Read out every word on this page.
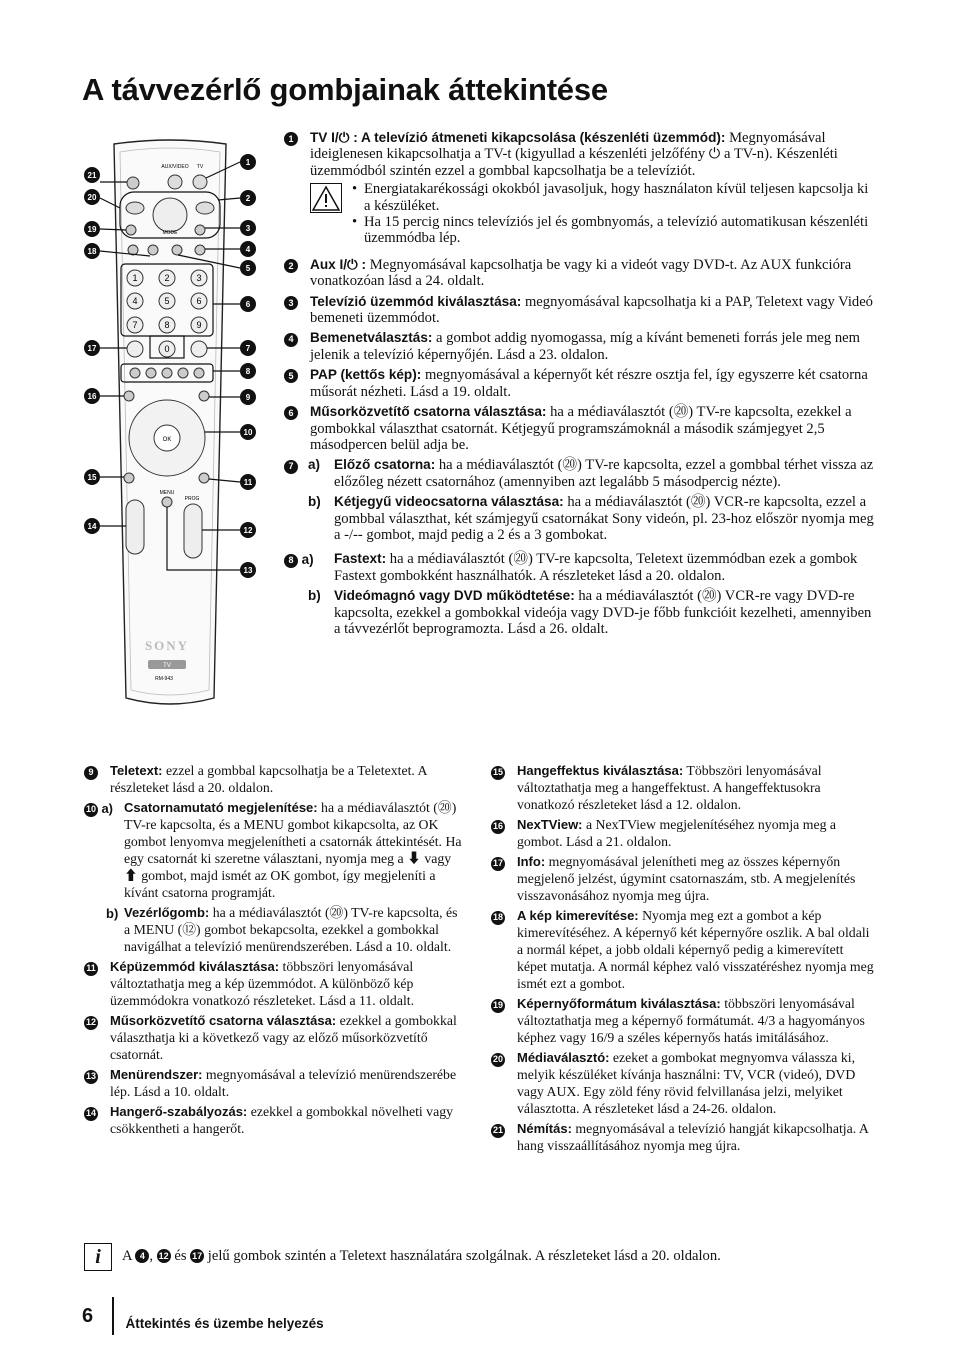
A távvezérlő gombjainak áttekintése
AUX/VIDEO TV
MODE
1	2	3
4	5	6
7	8	9
0
OK
MENU
PROG
21
20
19
18
17
16
15
14
1
2
3
4
5
6
7
8
9
10
11
12
13
SONY
TV
RM-943
1	TV I/⏻ : A televízió átmeneti kikapcsolása (készenléti üzemmód): Megnyomásával ideiglenesen kikapcsolhatja a TV-t (kigyullad a készenléti jelzőfény ⏻ a TV-n). Készenléti üzemmódból szintén ezzel a gombbal kapcsolhatja be a televíziót.
• Energiatakarékossági okokból javasoljuk, hogy használaton kívül teljesen kapcsolja ki a készüléket.
• Ha 15 percig nincs televíziós jel és gombnyomás, a televízió automatikusan készenléti üzemmódba lép.
2	Aux I/⏻ : Megnyomásával kapcsolhatja be vagy ki a videót vagy DVD-t. Az AUX funkcióra vonatkozóan lásd a 24. oldalt.
3	Televízió üzemmód kiválasztása: megnyomásával kapcsolhatja ki a PAP, Teletext vagy Videó bemeneti üzemmódot.
4	Bemenetválasztás: a gombot addig nyomogassa, míg a kívánt bemeneti forrás jele meg nem jelenik a televízió képernyőjén. Lásd a 23. oldalon.
5	PAP (kettős kép): megnyomásával a képernyőt két részre osztja fel, így egyszerre két csatorna műsorát nézheti. Lásd a 19. oldalt.
6	Műsorközvetítő csatorna választása: ha a médiaválasztót (⑳) TV-re kapcsolta, ezekkel a gombokkal választhat csatornát. Kétjegyű programszámoknál a második számjegyet 2,5 másodpercen belül adja be.
7	a)	Előző csatorna: ha a médiaválasztót (⑳) TV-re kapcsolta, ezzel a gombbal térhet vissza az előzőleg nézett csatornához (amennyiben azt legalább 5 másodpercig nézte).
b) Kétjegyű videocsatorna választása: ha a médiaválasztót (⑳) VCR-re kapcsolta, ezzel a gombbal választhat, két számjegyű csatornákat Sony videón, pl. 23-hoz először nyomja meg a -/-- gombot, majd pedig a 2 és a 3 gombokat.
8 a)	Fastext: ha a médiaválasztót (⑳) TV-re kapcsolta, Teletext üzemmódban ezek a gombok Fastext gombokként használhatók. A részleteket lásd a 20. oldalon.
b) Videómagnó vagy DVD működtetése: ha a médiaválasztót (⑳) VCR-re vagy DVD-re kapcsolta, ezekkel a gombokkal videója vagy DVD-je főbb funkcióit kezelheti, amennyiben a távvezérlőt beprogramozta. Lásd a 26. oldalt.
9	Teletext: ezzel a gombbal kapcsolhatja be a Teletextet. A részleteket lásd a 20. oldalon.
10 a) Csatornamutató megjelenítése: ha a médiaválasztót (⑳) TV-re kapcsolta, és a MENU gombot kikapcsolta, az OK gombot lenyomva megjelenítheti a csatornák áttekintését. Ha egy csatornát ki szeretne választani, nyomja meg a ⬇ vagy ⬆ gombot, majd ismét az OK gombot, így megjeleníti a kívánt csatorna programját.
b) Vezérlőgomb: ha a médiaválasztót (⑳) TV-re kapcsolta, és a MENU (⑫) gombot bekapcsolta, ezekkel a gombokkal navigálhat a televízió menürendszerében. Lásd a 10. oldalt.
11	Képüzemmód kiválasztása: többszöri lenyomásával változtathatja meg a kép üzemmódot. A különböző kép üzemmódokra vonatkozó részleteket. Lásd a 11. oldalt.
12	Műsorközvetítő csatorna választása: ezekkel a gombokkal választhatja ki a következő vagy az előző műsorközvetítő csatornát.
13	Menürendszer: megnyomásával a televízió menürendszerébe lép. Lásd a 10. oldalt.
14	Hangerő-szabályozás: ezekkel a gombokkal növelheti vagy csökkentheti a hangerőt.
15	Hangeffektus kiválasztása: Többszöri lenyomásával változtathatja meg a hangeffektust. A hangeffektusokra vonatkozó részleteket lásd a 12. oldalon.
16	NexTView: a NexTView megjelenítéséhez nyomja meg a gombot. Lásd a 21. oldalon.
17	Info: megnyomásával jelenítheti meg az összes képernyőn megjelenő jelzést, úgymint csatornaszám, stb. A megjelenítés visszavonásához nyomja meg újra.
18	A kép kimerevítése: Nyomja meg ezt a gombot a kép kimerevítéséhez. A képernyő két képernyőre oszlik. A bal oldali a normál képet, a jobb oldali képernyő pedig a kimerevített képet mutatja. A normál képhez való visszatéréshez nyomja meg ismét ezt a gombot.
19	Képernyőformátum kiválasztása: többszöri lenyomásával változtathatja meg a képernyő formátumát. 4/3 a hagyományos képhez vagy 16/9 a széles képernyős hatás imitálásához.
20	Médiaválasztó: ezeket a gombokat megnyomva válassza ki, melyik készüléket kívánja használni: TV, VCR (videó), DVD vagy AUX. Egy zöld fény rövid felvillanása jelzi, melyiket választotta. A részleteket lásd a 24-26. oldalon.
21	Némítás: megnyomásával a televízió hangját kikapcsolhatja. A hang visszaállításához nyomja meg újra.
i	A 4 , 12 és 17 jelű gombok szintén a Teletext használatára szolgálnak. A részleteket lásd a 20. oldalon.
6	Áttekintés és üzembe helyezés
